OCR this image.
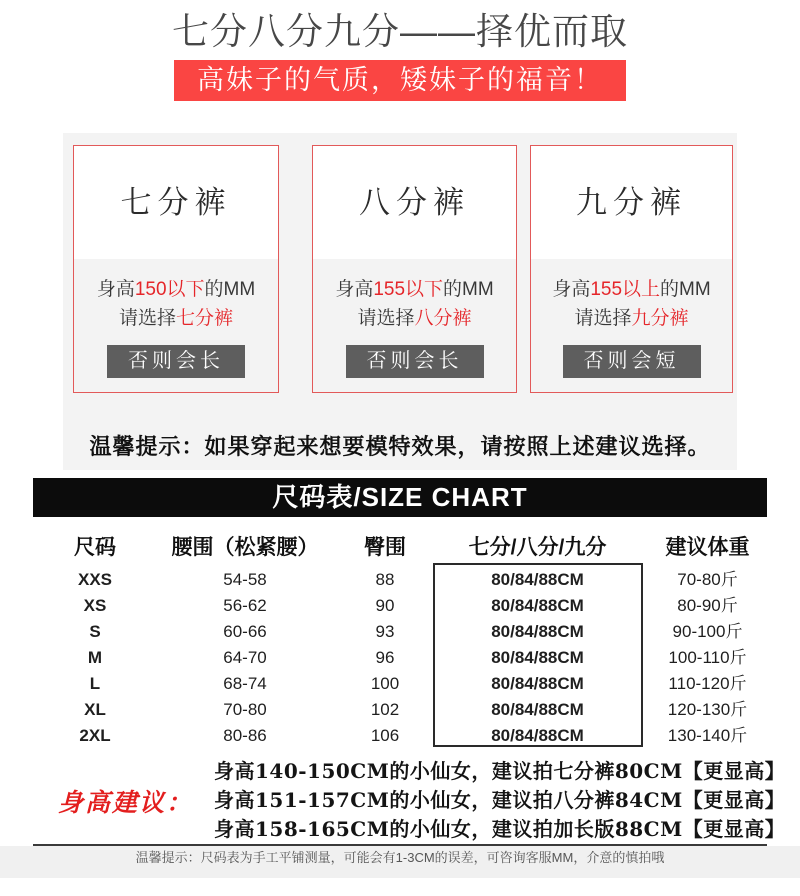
七分八分九分——择优而取
高妹子的气质，矮妹子的福音！
七分裤
身高150以下的MM
请选择七分裤
否则会长
八分裤
身高155以下的MM
请选择八分裤
否则会长
九分裤
身高155以上的MM
请选择九分裤
否则会短
温馨提示：如果穿起来想要模特效果，请按照上述建议选择。
尺码表/SIZE CHART
尺码	腰围（松紧腰）	臀围	七分/八分/九分	建议体重
XXS	54-58	88	80/84/88CM	70-80斤
XS	56-62	90	80/84/88CM	80-90斤
S	60-66	93	80/84/88CM	90-100斤
M	64-70	96	80/84/88CM	100-110斤
L	68-74	100	80/84/88CM	110-120斤
XL	70-80	102	80/84/88CM	120-130斤
2XL	80-86	106	80/84/88CM	130-140斤
身高建议：
身高140-150CM的小仙女，建议拍七分裤80CM【更显高】
身高151-157CM的小仙女，建议拍八分裤84CM【更显高】
身高158-165CM的小仙女，建议拍加长版88CM【更显高】
温馨提示：尺码表为手工平铺测量，可能会有1-3CM的误差，可咨询客服MM，介意的慎拍哦
